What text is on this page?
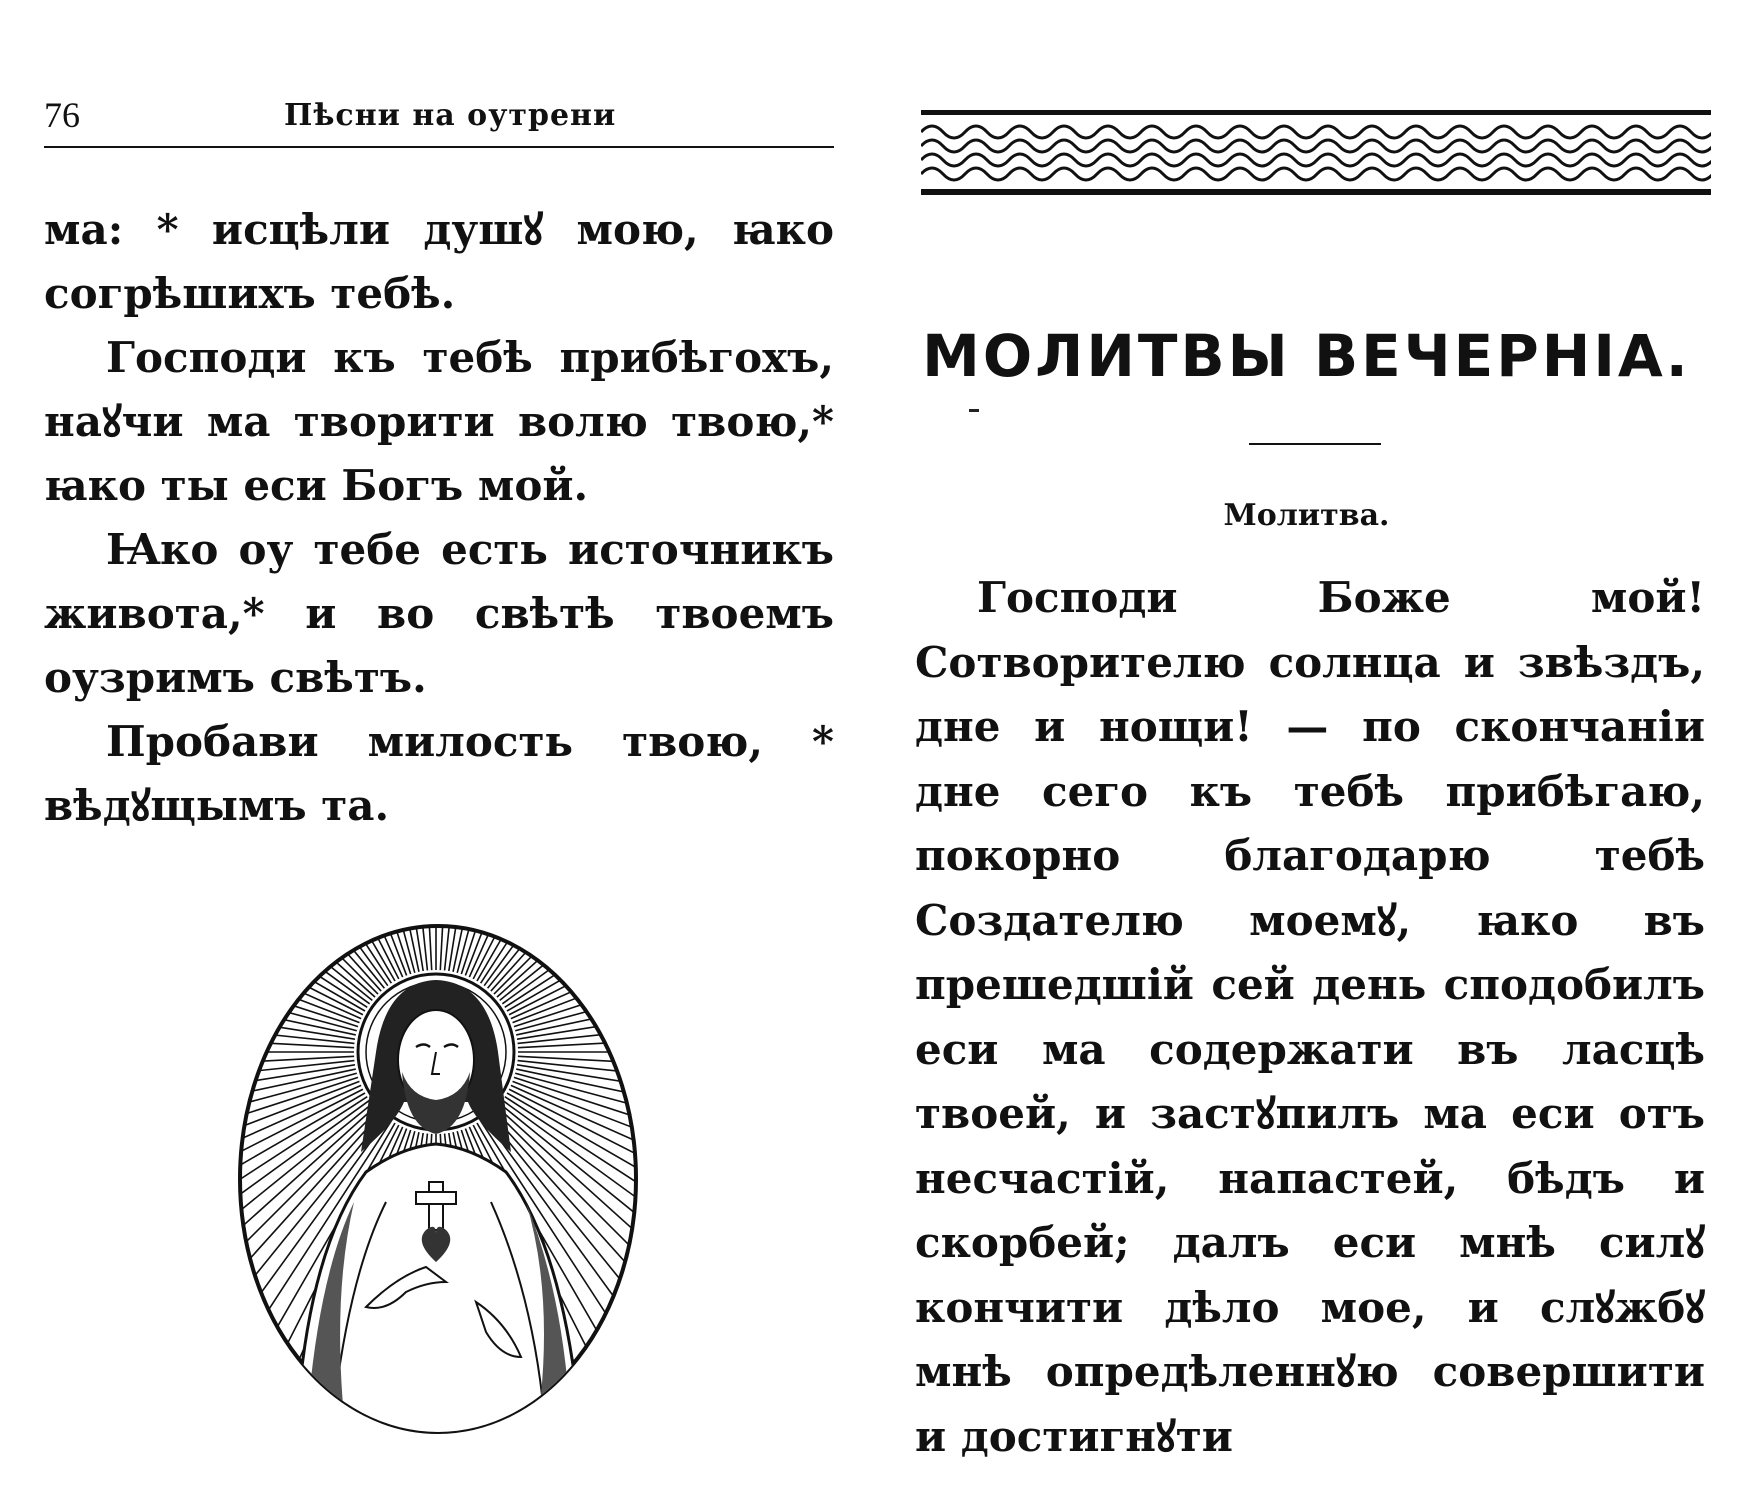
76	Пѣсни на оутрени

ма: * исцѣли душꙋ мою, ꙗко согрѣшихъ тебѣ.

Господи къ тебѣ прибѣгохъ, наꙋчи ма творити волю твою,* ꙗко ты еси Богъ мой.

Ꙗко оу тебе есть источникъ живота,* и во свѣтѣ твоемъ оузримъ свѣтъ.

Пробави милость твою, * вѣдꙋщымъ та.

МОЛИТВЫ ВЕЧЕРНІА.
Молитва.

Господи Боже мой! Сотворителю солнца и звѣздъ, дне и нощи! — по скончаніи дне сего къ тебѣ прибѣгаю, покорно благодарю тебѣ Создателю моемꙋ, ꙗко въ прешедшій сей день сподобилъ еси ма содержати въ ласцѣ твоей, и застꙋпилъ ма еси отъ несчастій, напастей, бѣдъ и скорбей; далъ еси мнѣ силꙋ кончити дѣло мое, и слꙋжбꙋ мнѣ опредѣленнꙋю совершити и достигнꙋти
